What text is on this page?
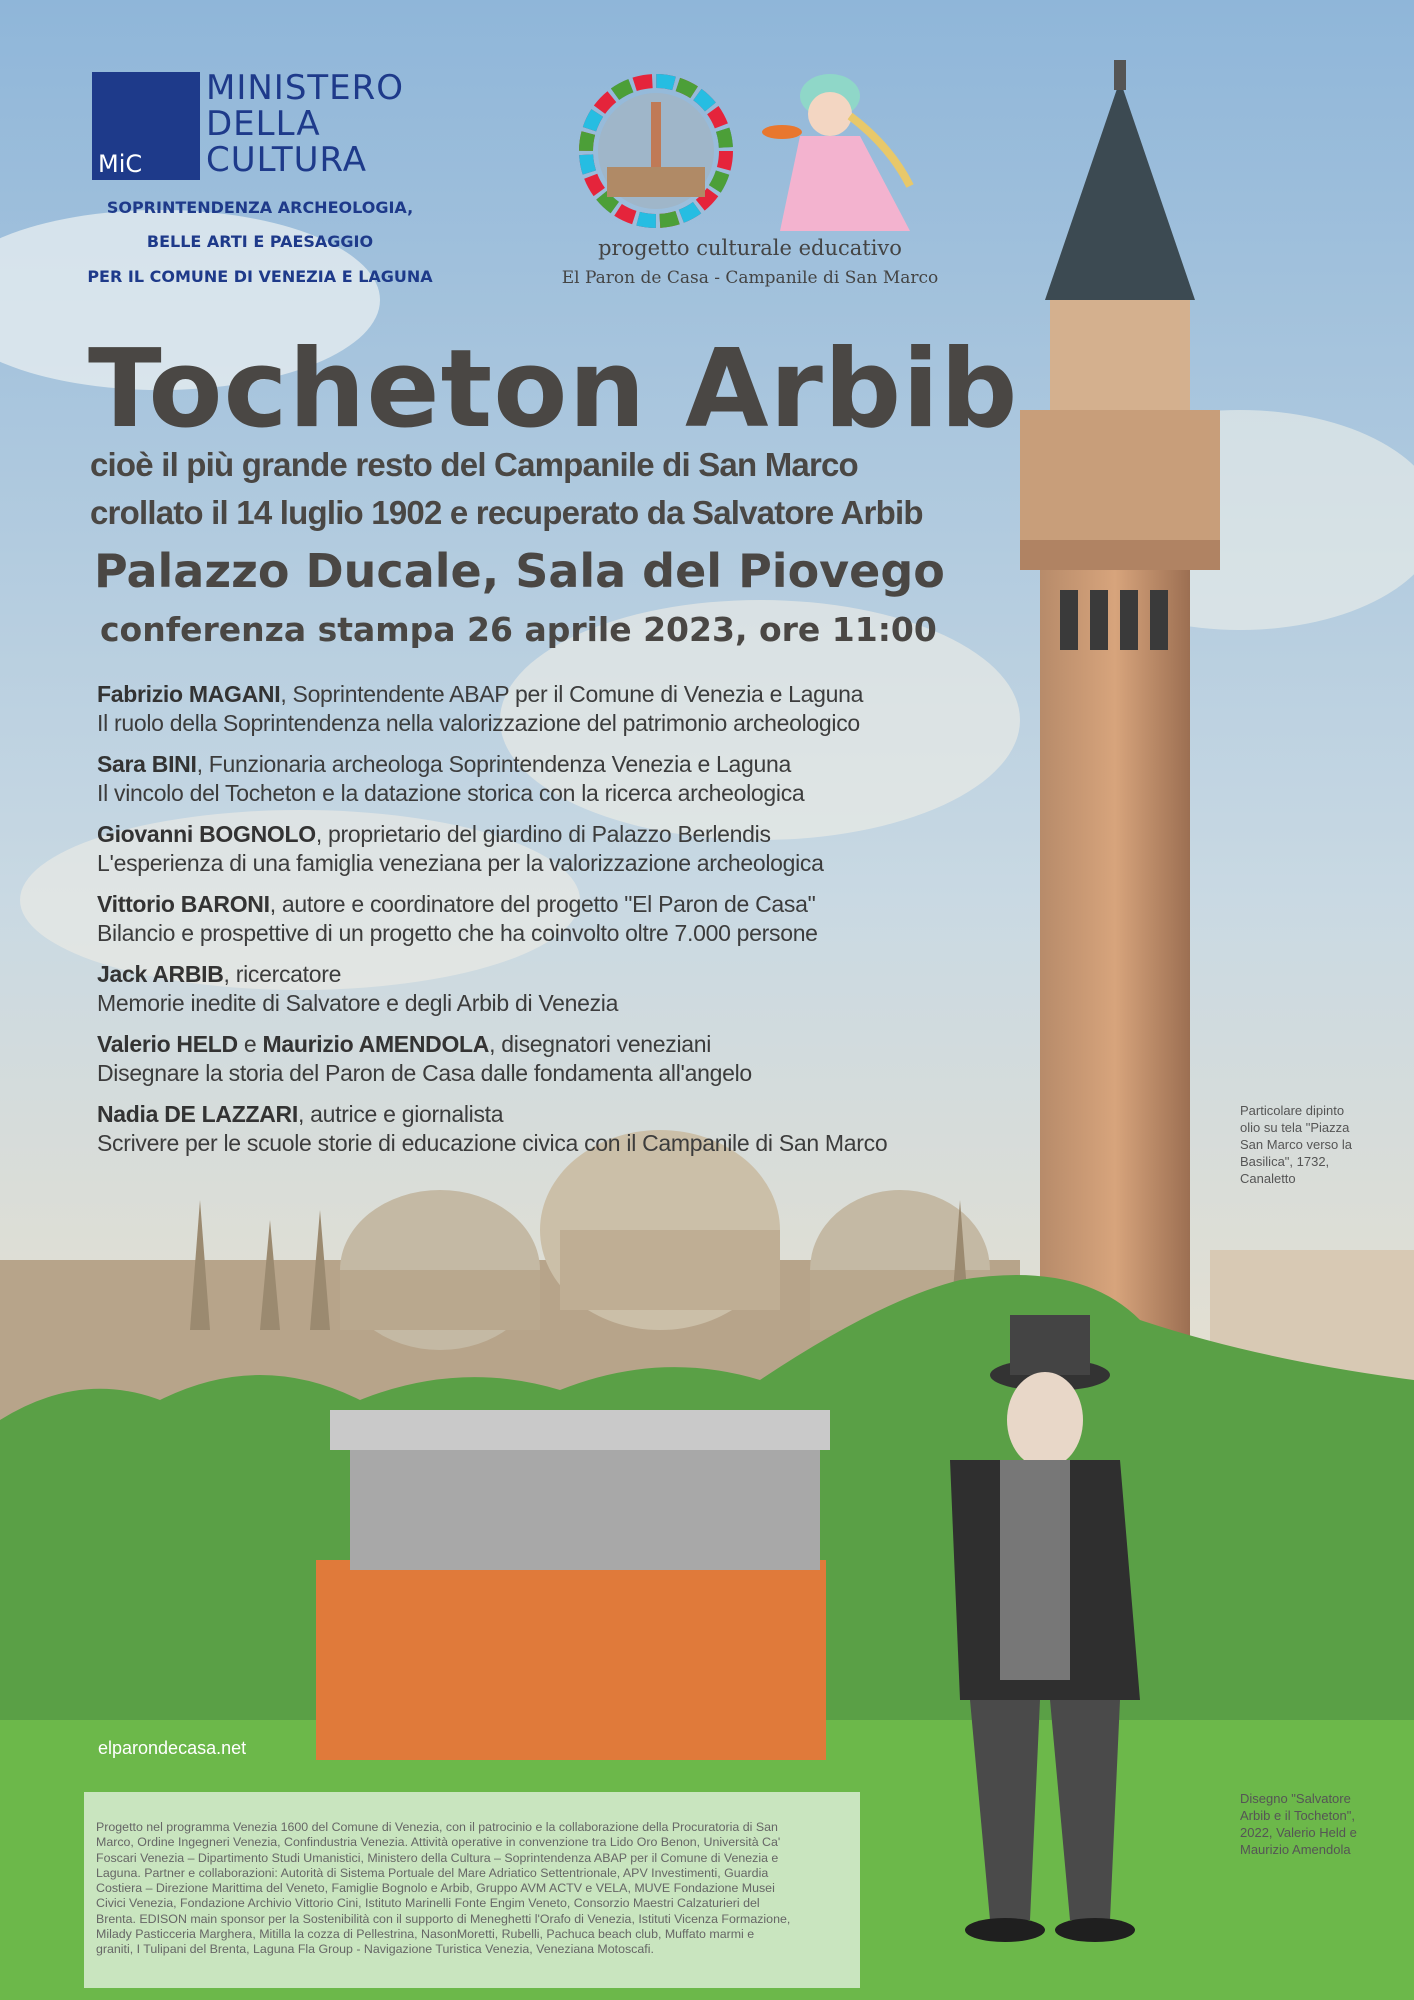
MiC
MINISTERO
DELLA
CULTURA
SOPRINTENDENZA ARCHEOLOGIA,
BELLE ARTI E PAESAGGIO
PER IL COMUNE DI VENEZIA E LAGUNA
progetto culturale educativo
El Paron de Casa - Campanile di San Marco
Tocheton Arbib
cioè il più grande resto del Campanile di San Marco
crollato il 14 luglio 1902 e recuperato da Salvatore Arbib
Palazzo Ducale, Sala del Piovego
conferenza stampa 26 aprile 2023, ore 11:00
Fabrizio MAGANI, Soprintendente ABAP per il Comune di Venezia e Laguna
Il ruolo della Soprintendenza nella valorizzazione del patrimonio archeologico
Sara BINI, Funzionaria archeologa Soprintendenza Venezia e Laguna
Il vincolo del Tocheton e la datazione storica con la ricerca archeologica
Giovanni BOGNOLO, proprietario del giardino di Palazzo Berlendis
L'esperienza di una famiglia veneziana per la valorizzazione archeologica
Vittorio BARONI, autore e coordinatore del progetto "El Paron de Casa"
Bilancio e prospettive di un progetto che ha coinvolto oltre 7.000 persone
Jack ARBIB, ricercatore
Memorie inedite di Salvatore e degli Arbib di Venezia
Valerio HELD e Maurizio AMENDOLA, disegnatori veneziani
Disegnare la storia del Paron de Casa dalle fondamenta all'angelo
Nadia DE LAZZARI, autrice e giornalista
Scrivere per le scuole storie di educazione civica con il Campanile di San Marco
Particolare dipinto
olio su tela "Piazza
San Marco verso la
Basilica", 1732,
Canaletto
Disegno "Salvatore
Arbib e il Tocheton",
2022, Valerio Held e
Maurizio Amendola
elparondecasa.net
Progetto nel programma Venezia 1600 del Comune di Venezia, con il patrocinio e la collaborazione della Procuratoria di San
Marco, Ordine Ingegneri Venezia, Confindustria Venezia. Attività operative in convenzione tra Lido Oro Benon, Università Ca'
Foscari Venezia – Dipartimento Studi Umanistici, Ministero della Cultura – Soprintendenza ABAP per il Comune di Venezia e
Laguna. Partner e collaborazioni: Autorità di Sistema Portuale del Mare Adriatico Settentrionale, APV Investimenti, Guardia
Costiera – Direzione Marittima del Veneto, Famiglie Bognolo e Arbib, Gruppo AVM ACTV e VELA, MUVE Fondazione Musei
Civici Venezia, Fondazione Archivio Vittorio Cini, Istituto Marinelli Fonte Engim Veneto, Consorzio Maestri Calzaturieri del
Brenta. EDISON main sponsor per la Sostenibilità con il supporto di Meneghetti l'Orafo di Venezia, Istituti Vicenza Formazione,
Milady Pasticceria Marghera, Mitilla la cozza di Pellestrina, NasonMoretti, Rubelli, Pachuca beach club, Muffato marmi e
graniti, I Tulipani del Brenta, Laguna Fla Group - Navigazione Turistica Venezia, Veneziana Motoscafi.
